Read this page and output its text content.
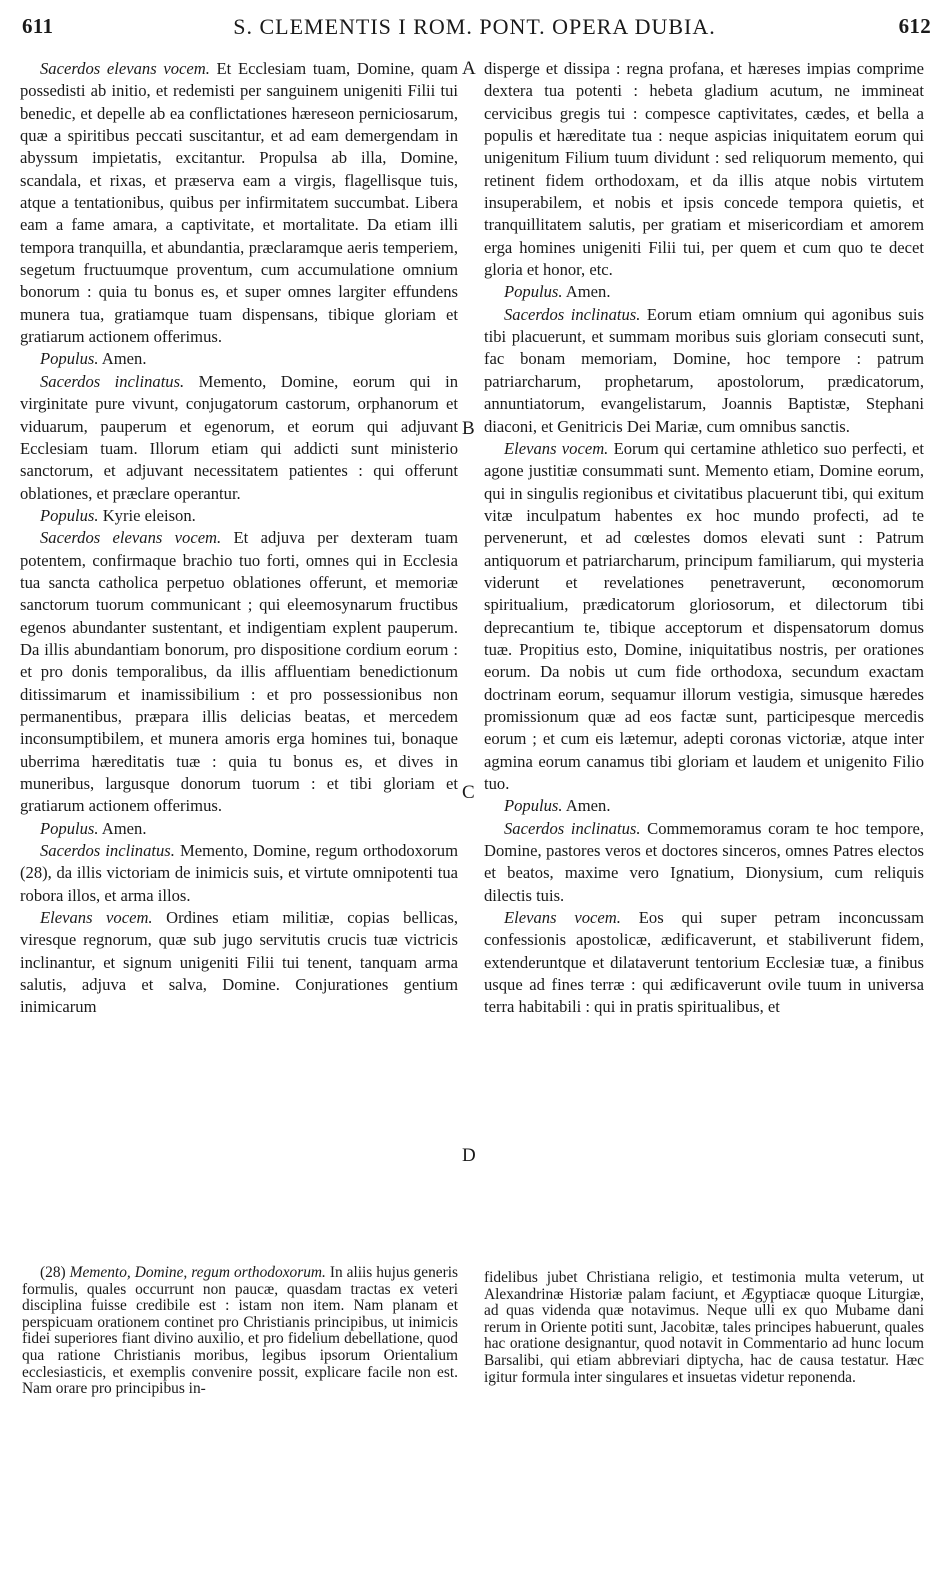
611	S. CLEMENTIS I ROM. PONT. OPERA DUBIA.	612

Sacerdos elevans vocem. Et Ecclesiam tuam, Domine, quam possedisti ab initio, et redemisti per sanguinem unigeniti Filii tui benedic, et depelle ab ea conflictationes hæreseon perniciosarum, quæ a spiritibus peccati suscitantur, et ad eam demergendam in abyssum impietatis, excitantur. Propulsa ab illa, Domine, scandala, et rixas, et præserva eam a virgis, flagellisque tuis, atque a tentationibus, quibus per infirmitatem succumbat. Libera eam a fame amara, a captivitate, et mortalitate. Da etiam illi tempora tranquilla, et abundantia, præclaramque aeris temperiem, segetum fructuumque proventum, cum accumulatione omnium bonorum : quia tu bonus es, et super omnes largiter effundens munera tua, gratiamque tuam dispensans, tibique gloriam et gratiarum actionem offerimus.

Populus. Amen.

Sacerdos inclinatus. Memento, Domine, eorum qui in virginitate pure vivunt, conjugatorum castorum, orphanorum et viduarum, pauperum et egenorum, et eorum qui adjuvant Ecclesiam tuam. Illorum etiam qui addicti sunt ministerio sanctorum, et adjuvant necessitatem patientes : qui offerunt oblationes, et præclare operantur.

Populus. Kyrie eleison.

Sacerdos elevans vocem. Et adjuva per dexteram tuam potentem, confirmaque brachio tuo forti, omnes qui in Ecclesia tua sancta catholica perpetuo oblationes offerunt, et memoriæ sanctorum tuorum communicant ; qui eleemosynarum fructibus egenos abundanter sustentant, et indigentiam explent pauperum. Da illis abundantiam bonorum, pro dispositione cordium eorum : et pro donis temporalibus, da illis affluentiam benedictionum ditissimarum et inamissibilium : et pro possessionibus non permanentibus, præpara illis delicias beatas, et mercedem inconsumptibilem, et munera amoris erga homines tui, bonaque uberrima hæreditatis tuæ : quia tu bonus es, et dives in muneribus, largusque donorum tuorum : et tibi gloriam et gratiarum actionem offerimus.

Populus. Amen.

Sacerdos inclinatus. Memento, Domine, regum orthodoxorum (28), da illis victoriam de inimicis suis, et virtute omnipotenti tua robora illos, et arma illos.

Elevans vocem. Ordines etiam militiæ, copias bellicas, viresque regnorum, quæ sub jugo servitutis crucis tuæ victricis inclinantur, et signum unigeniti Filii tui tenent, tanquam arma salutis, adjuva et salva, Domine. Conjurationes gentium inimicarum

A
B
C
D

disperge et dissipa : regna profana, et hæreses impias comprime dextera tua potenti : hebeta gladium acutum, ne immineat cervicibus gregis tui : compesce captivitates, cædes, et bella a populis et hæreditate tua : neque aspicias iniquitatem eorum qui unigenitum Filium tuum dividunt : sed reliquorum memento, qui retinent fidem orthodoxam, et da illis atque nobis virtutem insuperabilem, et nobis et ipsis concede tempora quietis, et tranquillitatem salutis, per gratiam et misericordiam et amorem erga homines unigeniti Filii tui, per quem et cum quo te decet gloria et honor, etc.

Populus. Amen.

Sacerdos inclinatus. Eorum etiam omnium qui agonibus suis tibi placuerunt, et summam moribus suis gloriam consecuti sunt, fac bonam memoriam, Domine, hoc tempore : patrum patriarcharum, prophetarum, apostolorum, prædicatorum, annuntiatorum, evangelistarum, Joannis Baptistæ, Stephani diaconi, et Genitricis Dei Mariæ, cum omnibus sanctis.

Elevans vocem. Eorum qui certamine athletico suo perfecti, et agone justitiæ consummati sunt. Memento etiam, Domine eorum, qui in singulis regionibus et civitatibus placuerunt tibi, qui exitum vitæ inculpatum habentes ex hoc mundo profecti, ad te pervenerunt, et ad cœlestes domos elevati sunt : Patrum antiquorum et patriarcharum, principum familiarum, qui mysteria viderunt et revelationes penetraverunt, œconomorum spiritualium, prædicatorum gloriosorum, et dilectorum tibi deprecantium te, tibique acceptorum et dispensatorum domus tuæ. Propitius esto, Domine, iniquitatibus nostris, per orationes eorum. Da nobis ut cum fide orthodoxa, secundum exactam doctrinam eorum, sequamur illorum vestigia, simusque hæredes promissionum quæ ad eos factæ sunt, participesque mercedis eorum ; et cum eis lætemur, adepti coronas victoriæ, atque inter agmina eorum canamus tibi gloriam et laudem et unigenito Filio tuo.

Populus. Amen.

Sacerdos inclinatus. Commemoramus coram te hoc tempore, Domine, pastores veros et doctores sinceros, omnes Patres electos et beatos, maxime vero Ignatium, Dionysium, cum reliquis dilectis tuis.

Elevans vocem. Eos qui super petram inconcussam confessionis apostolicæ, ædificaverunt, et stabiliverunt fidem, extenderuntque et dilataverunt tentorium Ecclesiæ tuæ, a finibus usque ad fines terræ : qui ædificaverunt ovile tuum in universa terra habitabili : qui in pratis spiritualibus, et

(28) Memento, Domine, regum orthodoxorum. In aliis hujus generis formulis, quales occurrunt non paucæ, quasdam tractas ex veteri disciplina fuisse credibile est : istam non item. Nam planam et perspicuam orationem continet pro Christianis principibus, ut inimicis fidei superiores fiant divino auxilio, et pro fidelium debellatione, quod qua ratione Christianis moribus, legibus ipsorum Orientalium ecclesiasticis, et exemplis convenire possit, explicare facile non est. Nam orare pro principibus in-

fidelibus jubet Christiana religio, et testimonia multa veterum, ut Alexandrinæ Historiæ palam faciunt, et Ægyptiacæ quoque Liturgiæ, ad quas videnda quæ notavimus. Neque ulli ex quo Mubame dani rerum in Oriente potiti sunt, Jacobitæ, tales principes habuerunt, quales hac oratione designantur, quod notavit in Commentario ad hunc locum Barsalibi, qui etiam abbreviari diptycha, hac de causa testatur. Hæc igitur formula inter singulares et insuetas videtur reponenda.
